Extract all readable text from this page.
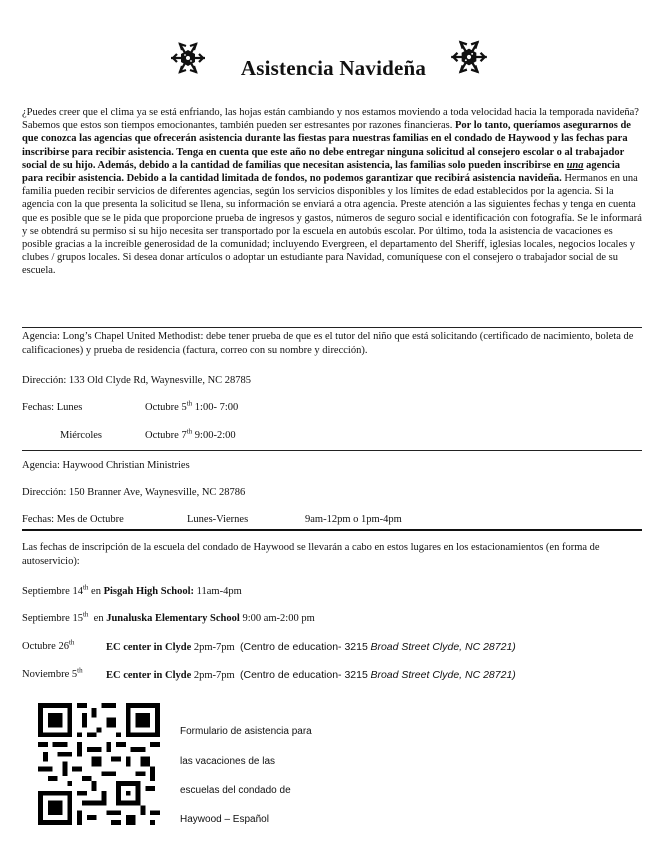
Asistencia Navideña
¿Puedes creer que el clima ya se está enfriando, las hojas están cambiando y nos estamos moviendo a toda velocidad hacia la temporada navideña? Sabemos que estos son tiempos emocionantes, también pueden ser estresantes por razones financieras. Por lo tanto, queríamos asegurarnos de que conozca las agencias que ofrecerán asistencia durante las fiestas para nuestras familias en el condado de Haywood y las fechas para inscribirse para recibir asistencia. Tenga en cuenta que este año no debe entregar ninguna solicitud al consejero escolar o al trabajador social de su hijo. Además, debido a la cantidad de familias que necesitan asistencia, las familias solo pueden inscribirse en una agencia para recibir asistencia. Debido a la cantidad limitada de fondos, no podemos garantizar que recibirá asistencia navideña. Hermanos en una familia pueden recibir servicios de diferentes agencias, según los servicios disponibles y los límites de edad establecidos por la agencia. Si la agencia con la que presenta la solicitud se llena, su información se enviará a otra agencia. Preste atención a las siguientes fechas y tenga en cuenta que es posible que se le pida que proporcione prueba de ingresos y gastos, números de seguro social e identificación con fotografía. Se le informará y se obtendrá su permiso si su hijo necesita ser transportado por la escuela en autobús escolar. Por último, toda la asistencia de vacaciones es posible gracias a la increíble generosidad de la comunidad; incluyendo Evergreen, el departamento del Sheriff, iglesias locales, negocios locales y clubes / grupos locales. Si desea donar artículos o adoptar un estudiante para Navidad, comuníquese con el consejero o trabajador social de su escuela.
Agencia: Long’s Chapel United Methodist: debe tener prueba de que es el tutor del niño que está solicitando (certificado de nacimiento, boleta de calificaciones) y prueba de residencia (factura, correo con su nombre y dirección).
Dirección: 133 Old Clyde Rd, Waynesville, NC 28785
Fechas: Lunes	Octubre 5th 1:00- 7:00
Miércoles	Octubre 7th 9:00-2:00
Agencia: Haywood Christian Ministries
Dirección: 150 Branner Ave, Waynesville, NC 28786
Fechas: Mes de Octubre	Lunes-Viernes	9am-12pm o 1pm-4pm
Las fechas de inscripción de la escuela del condado de Haywood se llevarán a cabo en estos lugares en los estacionamientos (en forma de autoservicio):
Septiembre 14th en Pisgah High School: 11am-4pm
Septiembre 15th en Junaluska Elementary School 9:00 am-2:00 pm
Octubre 26th	EC center in Clyde 2pm-7pm (Centro de education- 3215 Broad Street Clyde, NC 28721)
Noviembre 5th EC center in Clyde 2pm-7pm (Centro de education- 3215 Broad Street Clyde, NC 28721)
Formulario de asistencia para
las vacaciones de las
escuelas del condado de
Haywood – Español
